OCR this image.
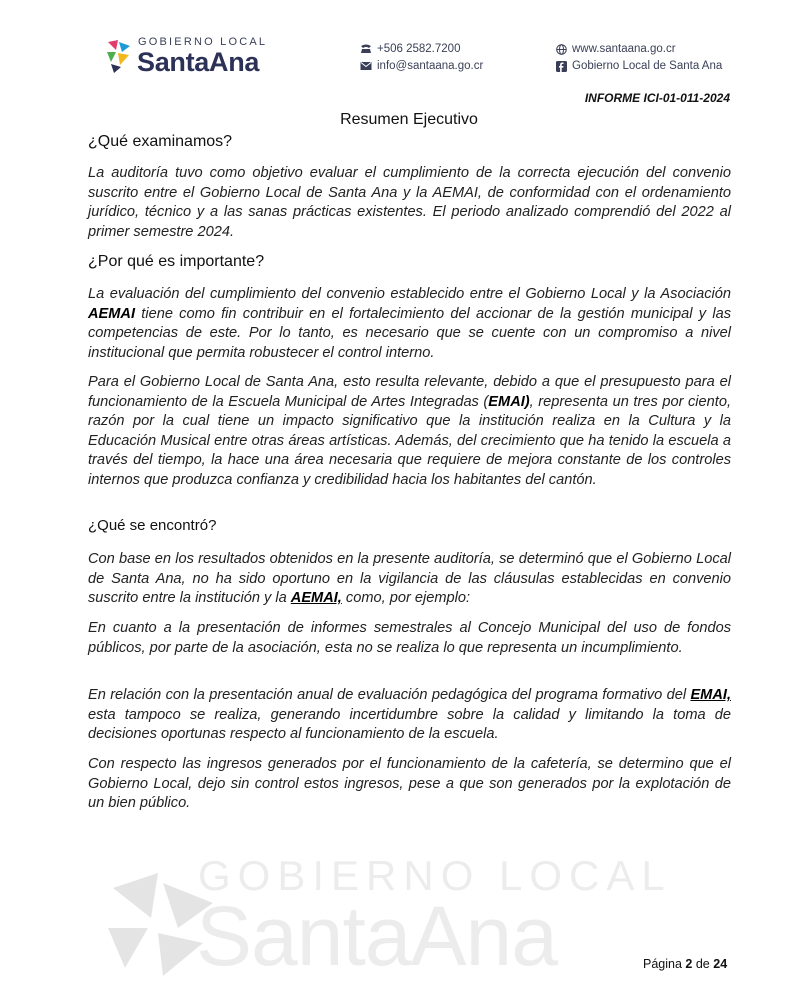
GOBIERNO LOCAL
SantaAna	+506 2582.7200
info@santaana.go.cr
www.santaana.go.cr
Gobierno Local de Santa Ana
INFORME ICI-01-011-2024
Resumen Ejecutivo
¿Qué examinamos?
La auditoría tuvo como objetivo evaluar el cumplimiento de la correcta ejecución del convenio suscrito entre el Gobierno Local de Santa Ana y la AEMAI, de conformidad con el ordenamiento jurídico, técnico y a las sanas prácticas existentes. El periodo analizado comprendió del 2022 al primer semestre 2024.
¿Por qué es importante?
La evaluación del cumplimiento del convenio establecido entre el Gobierno Local y la Asociación AEMAI tiene como fin contribuir en el fortalecimiento del accionar de la gestión municipal y las competencias de este. Por lo tanto, es necesario que se cuente con un compromiso a nivel institucional que permita robustecer el control interno.
Para el Gobierno Local de Santa Ana, esto resulta relevante, debido a que el presupuesto para el funcionamiento de la Escuela Municipal de Artes Integradas (EMAI), representa un tres por ciento, razón por la cual tiene un impacto significativo que la institución realiza en la Cultura y la Educación Musical entre otras áreas artísticas. Además, del crecimiento que ha tenido la escuela a través del tiempo, la hace una área necesaria que requiere de mejora constante de los controles internos que produzca confianza y credibilidad hacia los habitantes del cantón.
¿Qué se encontró?
Con base en los resultados obtenidos en la presente auditoría, se determinó que el Gobierno Local de Santa Ana, no ha sido oportuno en la vigilancia de las cláusulas establecidas en convenio suscrito entre la institución y la AEMAI, como, por ejemplo:
En cuanto a la presentación de informes semestrales al Concejo Municipal del uso de fondos públicos, por parte de la asociación, esta no se realiza lo que representa un incumplimiento.
En relación con la presentación anual de evaluación pedagógica del programa formativo del EMAI, esta tampoco se realiza, generando incertidumbre sobre la calidad y limitando la toma de decisiones oportunas respecto al funcionamiento de la escuela.
Con respecto las ingresos generados por el funcionamiento de la cafetería, se determino que el Gobierno Local, dejo sin control estos ingresos, pese a que son generados por la explotación de un bien público.
GOBIERNO LOCAL
SantaAna	Página 2 de 24
